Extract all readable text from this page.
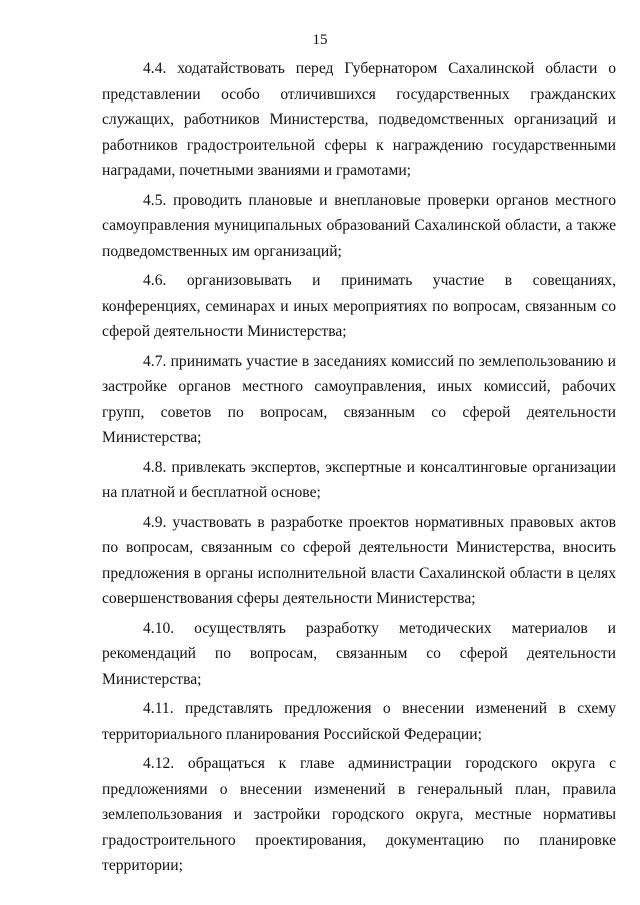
15

4.4. ходатайствовать перед Губернатором Сахалинской области о представлении особо отличившихся государственных гражданских служащих, работников Министерства, подведомственных организаций и работников градостроительной сферы к награждению государственными наградами, почетными званиями и грамотами;

4.5. проводить плановые и внеплановые проверки органов местного самоуправления муниципальных образований Сахалинской области, а также подведомственных им организаций;

4.6. организовывать и принимать участие в совещаниях, конференциях, семинарах и иных мероприятиях по вопросам, связанным со сферой деятельности Министерства;

4.7. принимать участие в заседаниях комиссий по землепользованию и застройке органов местного самоуправления, иных комиссий, рабочих групп, советов по вопросам, связанным со сферой деятельности Министерства;

4.8. привлекать экспертов, экспертные и консалтинговые организации на платной и бесплатной основе;

4.9. участвовать в разработке проектов нормативных правовых актов по вопросам, связанным со сферой деятельности Министерства, вносить предложения в органы исполнительной власти Сахалинской области в целях совершенствования сферы деятельности Министерства;

4.10. осуществлять разработку методических материалов и рекомендаций по вопросам, связанным со сферой деятельности Министерства;

4.11. представлять предложения о внесении изменений в схему территориального планирования Российской Федерации;

4.12. обращаться к главе администрации городского округа с предложениями о внесении изменений в генеральный план, правила землепользования и застройки городского округа, местные нормативы градостроительного проектирования, документацию по планировке территории;
